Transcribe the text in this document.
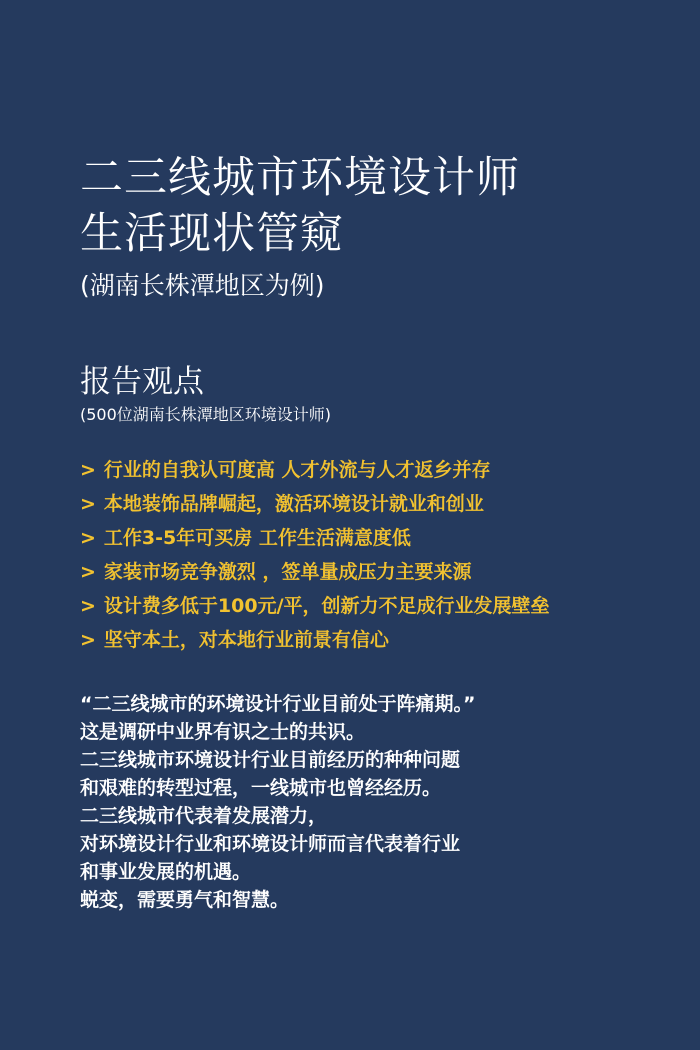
二三线城市环境设计师
生活现状管窥
(湖南长株潭地区为例)
报告观点
(500位湖南长株潭地区环境设计师)
> 行业的自我认可度高 人才外流与人才返乡并存
> 本地装饰品牌崛起，激活环境设计就业和创业
> 工作3-5年可买房 工作生活满意度低
> 家装市场竞争激烈 ，签单量成压力主要来源
> 设计费多低于100元/平，创新力不足成行业发展壁垒
> 坚守本土，对本地行业前景有信心

“二三线城市的环境设计行业目前处于阵痛期。”

这是调研中业界有识之士的共识。

二三线城市环境设计行业目前经历的种种问题

和艰难的转型过程，一线城市也曾经经历。

二三线城市代表着发展潜力，

对环境设计行业和环境设计师而言代表着行业

和事业发展的机遇。

蜕变，需要勇气和智慧。
